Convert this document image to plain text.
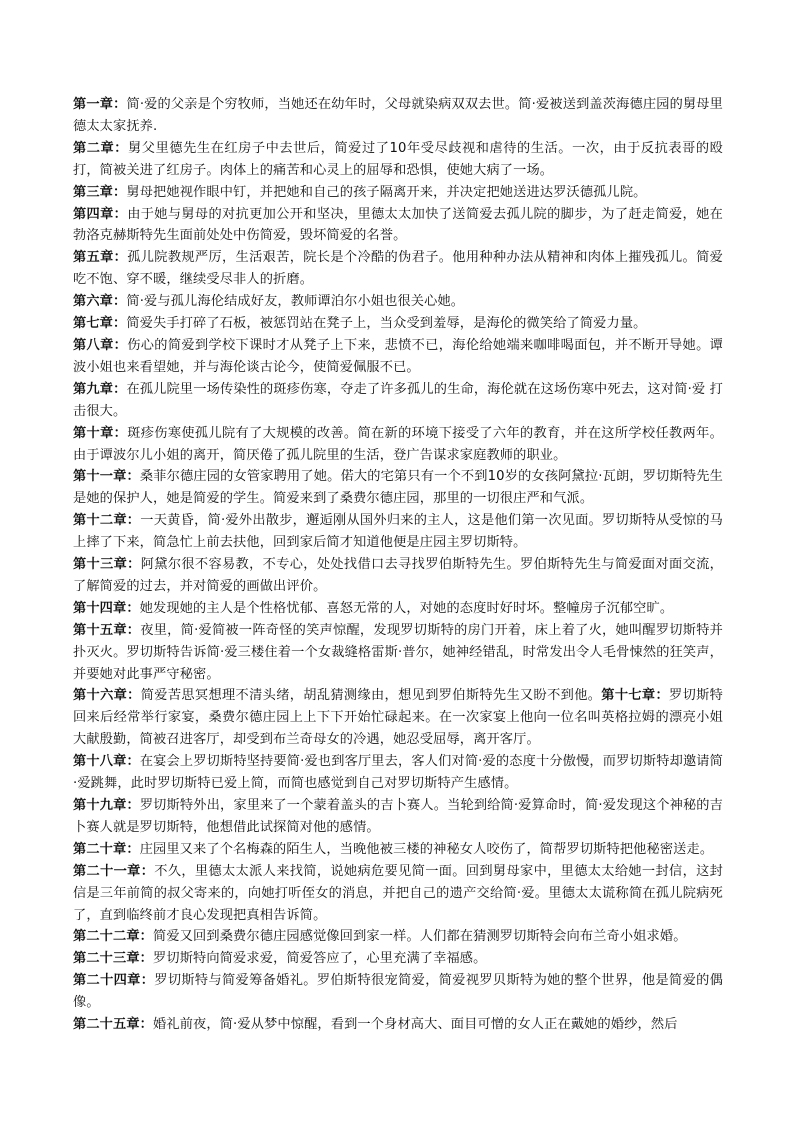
第一章：简·爱的父亲是个穷牧师，当她还在幼年时，父母就染病双双去世。简·爱被送到盖茨海德庄园的舅母里德太太家抚养.

第二章：舅父里德先生在红房子中去世后，简爱过了10年受尽歧视和虐待的生活。一次，由于反抗表哥的殴打，简被关进了红房子。肉体上的痛苦和心灵上的屈辱和恐惧，使她大病了一场。

第三章：舅母把她视作眼中钉，并把她和自己的孩子隔离开来，并决定把她送进达罗沃德孤儿院。

第四章：由于她与舅母的对抗更加公开和坚决，里德太太加快了送简爱去孤儿院的脚步，为了赶走简爱，她在勃洛克赫斯特先生面前处处中伤简爱，毁坏简爱的名誉。

第五章：孤儿院教规严厉，生活艰苦，院长是个冷酷的伪君子。他用种种办法从精神和肉体上摧残孤儿。简爱吃不饱、穿不暖，继续受尽非人的折磨。

第六章：简·爱与孤儿海伦结成好友，教师谭泊尔小姐也很关心她。

第七章：简爱失手打碎了石板，被惩罚站在凳子上，当众受到羞辱，是海伦的微笑给了简爱力量。

第八章：伤心的简爱到学校下课时才从凳子上下来，悲愤不已，海伦给她端来咖啡喝面包，并不断开导她。谭波小姐也来看望她，并与海伦谈古论今，使简爱佩服不已。

第九章：在孤儿院里一场传染性的斑疹伤寒，夺走了许多孤儿的生命，海伦就在这场伤寒中死去，这对简·爱 打击很大。

第十章：斑疹伤寒使孤儿院有了大规模的改善。简在新的环境下接受了六年的教育，并在这所学校任教两年。由于谭波尔儿小姐的离开，简厌倦了孤儿院里的生活，登广告谋求家庭教师的职业。

第十一章：桑菲尔德庄园的女管家聘用了她。偌大的宅第只有一个不到10岁的女孩阿黛拉·瓦朗，罗切斯特先生是她的保护人，她是简爱的学生。简爱来到了桑费尔德庄园，那里的一切很庄严和气派。

第十二章：一天黄昏，简·爱外出散步，邂逅刚从国外归来的主人，这是他们第一次见面。罗切斯特从受惊的马上摔了下来，简急忙上前去扶他，回到家后简才知道他便是庄园主罗切斯特。

第十三章：阿黛尔很不容易教，不专心，处处找借口去寻找罗伯斯特先生。罗伯斯特先生与简爱面对面交流，了解简爱的过去，并对简爱的画做出评价。

第十四章：她发现她的主人是个性格忧郁、喜怒无常的人，对她的态度时好时坏。整幢房子沉郁空旷。

第十五章：夜里，简·爱简被一阵奇怪的笑声惊醒，发现罗切斯特的房门开着，床上着了火，她叫醒罗切斯特并扑灭火。罗切斯特告诉简·爱三楼住着一个女裁缝格雷斯·普尔，她神经错乱，时常发出令人毛骨悚然的狂笑声，并要她对此事严守秘密。

第十六章：简爱苦思冥想理不清头绪，胡乱猜测缘由，想见到罗伯斯特先生又盼不到他。第十七章：罗切斯特回来后经常举行家宴，桑费尔德庄园上上下下开始忙碌起来。在一次家宴上他向一位名叫英格拉姆的漂亮小姐大献殷勤，简被召进客厅，却受到布兰奇母女的冷遇，她忍受屈辱，离开客厅。

第十八章：在宴会上罗切斯特坚持要简·爱也到客厅里去，客人们对简·爱的态度十分傲慢，而罗切斯特却邀请简·爱跳舞，此时罗切斯特已爱上简，而简也感觉到自己对罗切斯特产生感情。

第十九章：罗切斯特外出，家里来了一个蒙着盖头的吉卜赛人。当轮到给简·爱算命时，简·爱发现这个神秘的吉卜赛人就是罗切斯特，他想借此试探简对他的感情。

第二十章：庄园里又来了个名梅森的陌生人，当晚他被三楼的神秘女人咬伤了，简帮罗切斯特把他秘密送走。

第二十一章：不久，里德太太派人来找简，说她病危要见简一面。回到舅母家中，里德太太给她一封信，这封信是三年前简的叔父寄来的，向她打听侄女的消息，并把自己的遗产交给简·爱。里德太太谎称简在孤儿院病死了，直到临终前才良心发现把真相告诉简。

第二十二章：简爱又回到桑费尔德庄园感觉像回到家一样。人们都在猜测罗切斯特会向布兰奇小姐求婚。

第二十三章：罗切斯特向简爱求爱，简爱答应了，心里充满了幸福感。

第二十四章：罗切斯特与简爱筹备婚礼。罗伯斯特很宠简爱，简爱视罗贝斯特为她的整个世界，他是简爱的偶像。

第二十五章：婚礼前夜，简·爱从梦中惊醒，看到一个身材高大、面目可憎的女人正在戴她的婚纱，然后
